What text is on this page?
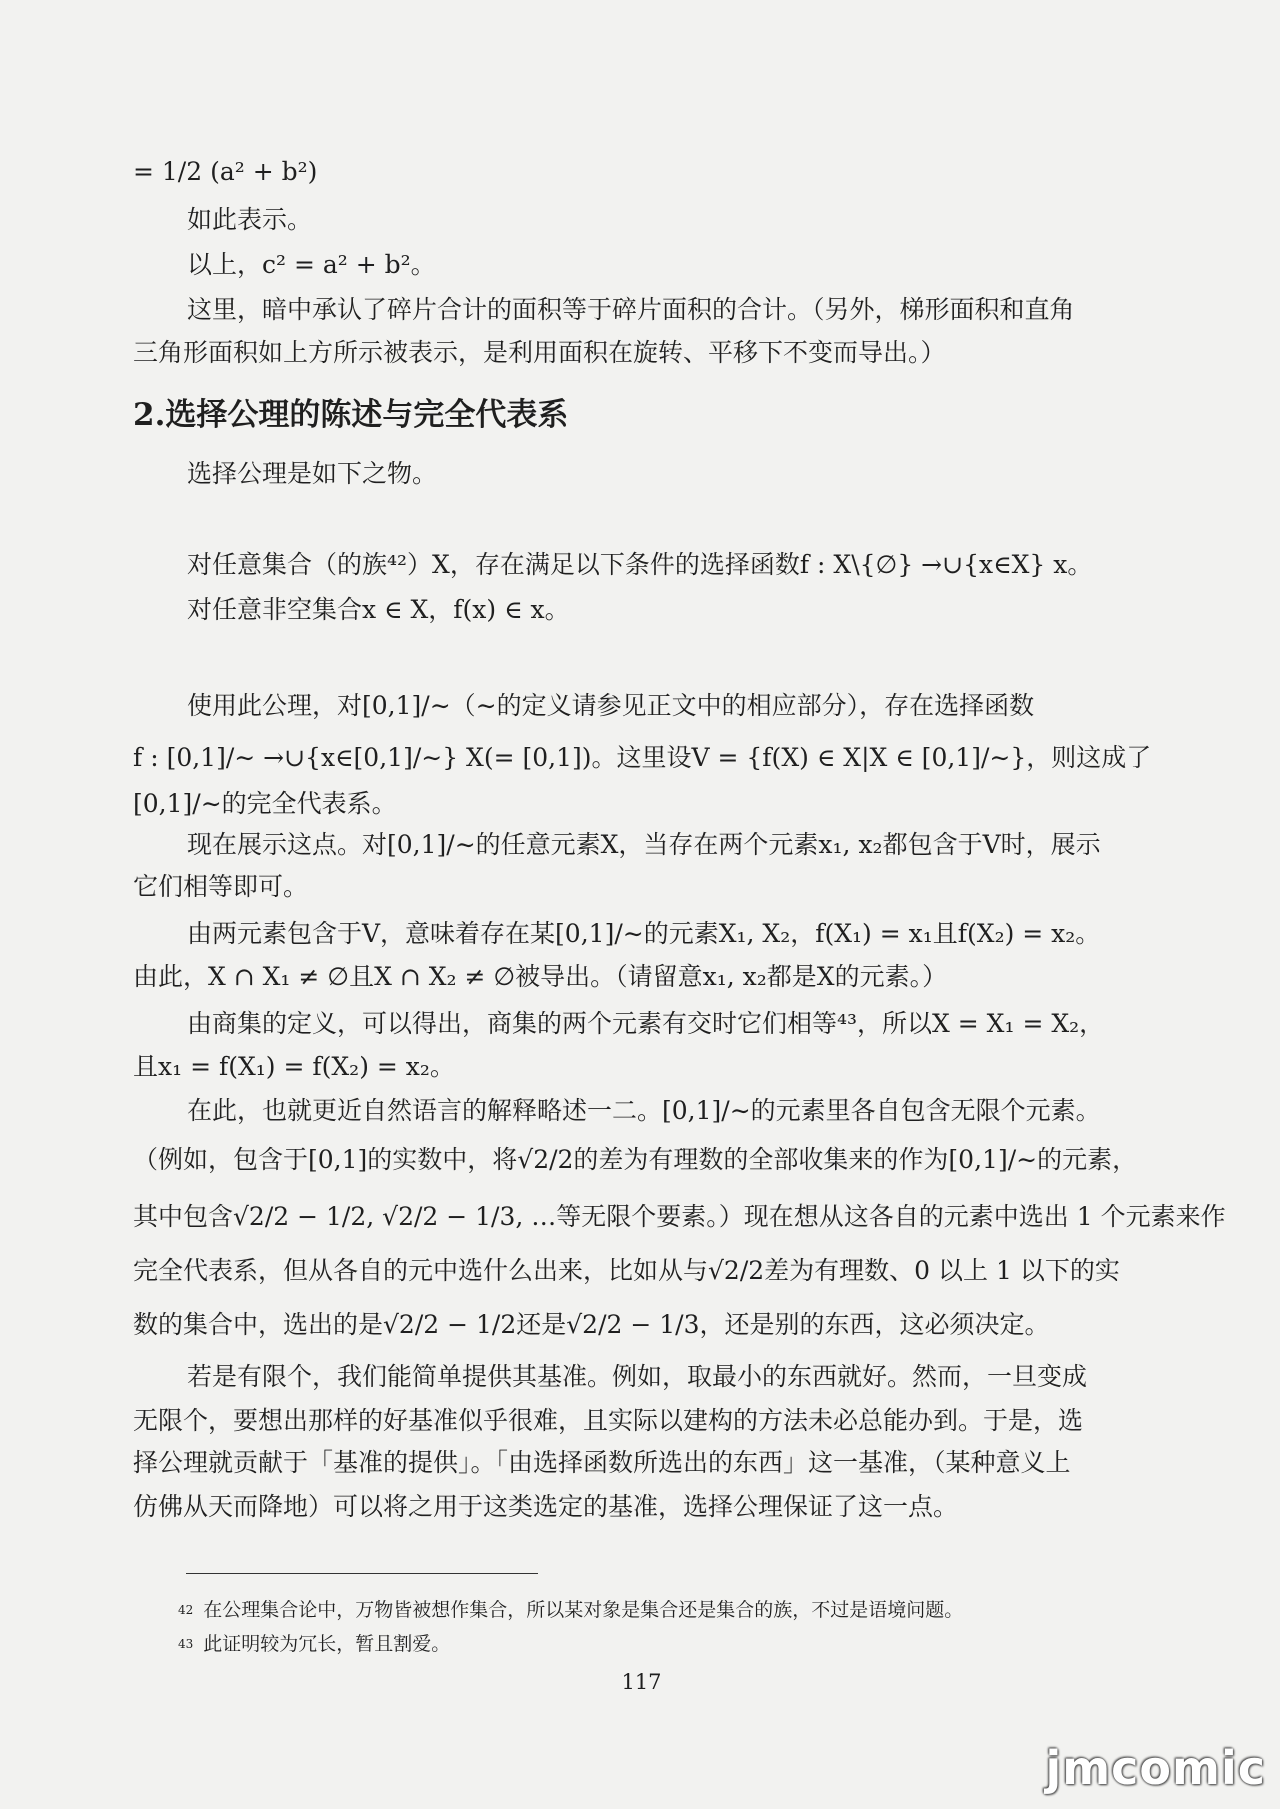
= 1/2 (a² + b²)
如此表示。
以上，c² = a² + b²。
这里，暗中承认了碎片合计的面积等于碎片面积的合计。（另外，梯形面积和直角
三角形面积如上方所示被表示，是利用面积在旋转、平移下不变而导出。）
2.选择公理的陈述与完全代表系
选择公理是如下之物。
对任意集合（的族⁴²）X，存在满足以下条件的选择函数f : X\{∅} →∪{x∈X} x。
对任意非空集合x ∈ X，f(x) ∈ x。
使用此公理，对[0,1]/∼（∼的定义请参见正文中的相应部分），存在选择函数
f : [0,1]/∼ →∪{x∈[0,1]/∼} X(= [0,1])。这里设V = {f(X) ∈ X|X ∈ [0,1]/∼}，则这成了
[0,1]/∼的完全代表系。
现在展示这点。对[0,1]/∼的任意元素X，当存在两个元素x₁, x₂都包含于V时，展示
它们相等即可。
由两元素包含于V，意味着存在某[0,1]/∼的元素X₁, X₂，f(X₁) = x₁且f(X₂) = x₂。
由此，X ∩ X₁ ≠ ∅且X ∩ X₂ ≠ ∅被导出。（请留意x₁, x₂都是X的元素。）
由商集的定义，可以得出，商集的两个元素有交时它们相等⁴³，所以X = X₁ = X₂，
且x₁ = f(X₁) = f(X₂) = x₂。
在此，也就更近自然语言的解释略述一二。[0,1]/∼的元素里各自包含无限个元素。
（例如，包含于[0,1]的实数中，将√2/2的差为有理数的全部收集来的作为[0,1]/∼的元素，
其中包含√2/2 − 1/2, √2/2 − 1/3, …等无限个要素。）现在想从这各自的元素中选出 1 个元素来作
完全代表系，但从各自的元中选什么出来，比如从与√2/2差为有理数、0 以上 1 以下的实
数的集合中，选出的是√2/2 − 1/2还是√2/2 − 1/3，还是别的东西，这必须决定。
若是有限个，我们能简单提供其基准。例如，取最小的东西就好。然而，一旦变成
无限个，要想出那样的好基准似乎很难，且实际以建构的方法未必总能办到。于是，选
择公理就贡献于「基准的提供」。「由选择函数所选出的东西」这一基准，（某种意义上
仿佛从天而降地）可以将之用于这类选定的基准，选择公理保证了这一点。
$^{42}$ 在公理集合论中，万物皆被想作集合，所以某对象是集合还是集合的族，不过是语境问题。
$^{43}$ 此证明较为冗长，暂且割爱。
117
jmcomic
